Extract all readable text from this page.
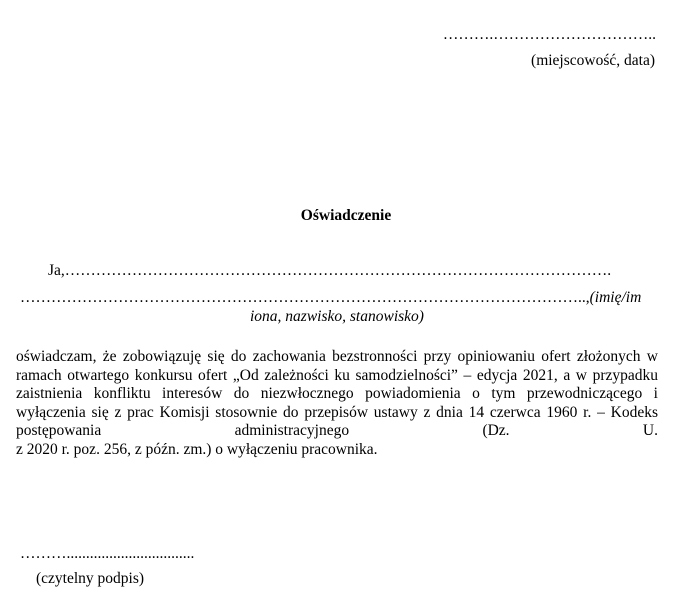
……….…………………………..
(miejscowość, data)
Oświadczenie
Ja,…………………………………………………………………………………………….
………………………………………………………………………………………………..,(imię/im
iona, nazwisko, stanowisko)
oświadczam, że zobowiązuję się do zachowania bezstronności przy opiniowaniu ofert złożonych w
ramach otwartego konkursu ofert „Od zależności ku samodzielności” – edycja 2021, a w przypadku
zaistnienia konfliktu interesów do niezwłocznego powiadomienia o tym przewodniczącego i
wyłączenia się z prac Komisji stosownie do przepisów ustawy z dnia 14 czerwca 1960 r. – Kodeks
postępowania administracyjnego (Dz. U.
z 2020 r. poz. 256, z późn. zm.) o wyłączeniu pracownika.
……….................................
(czytelny podpis)
